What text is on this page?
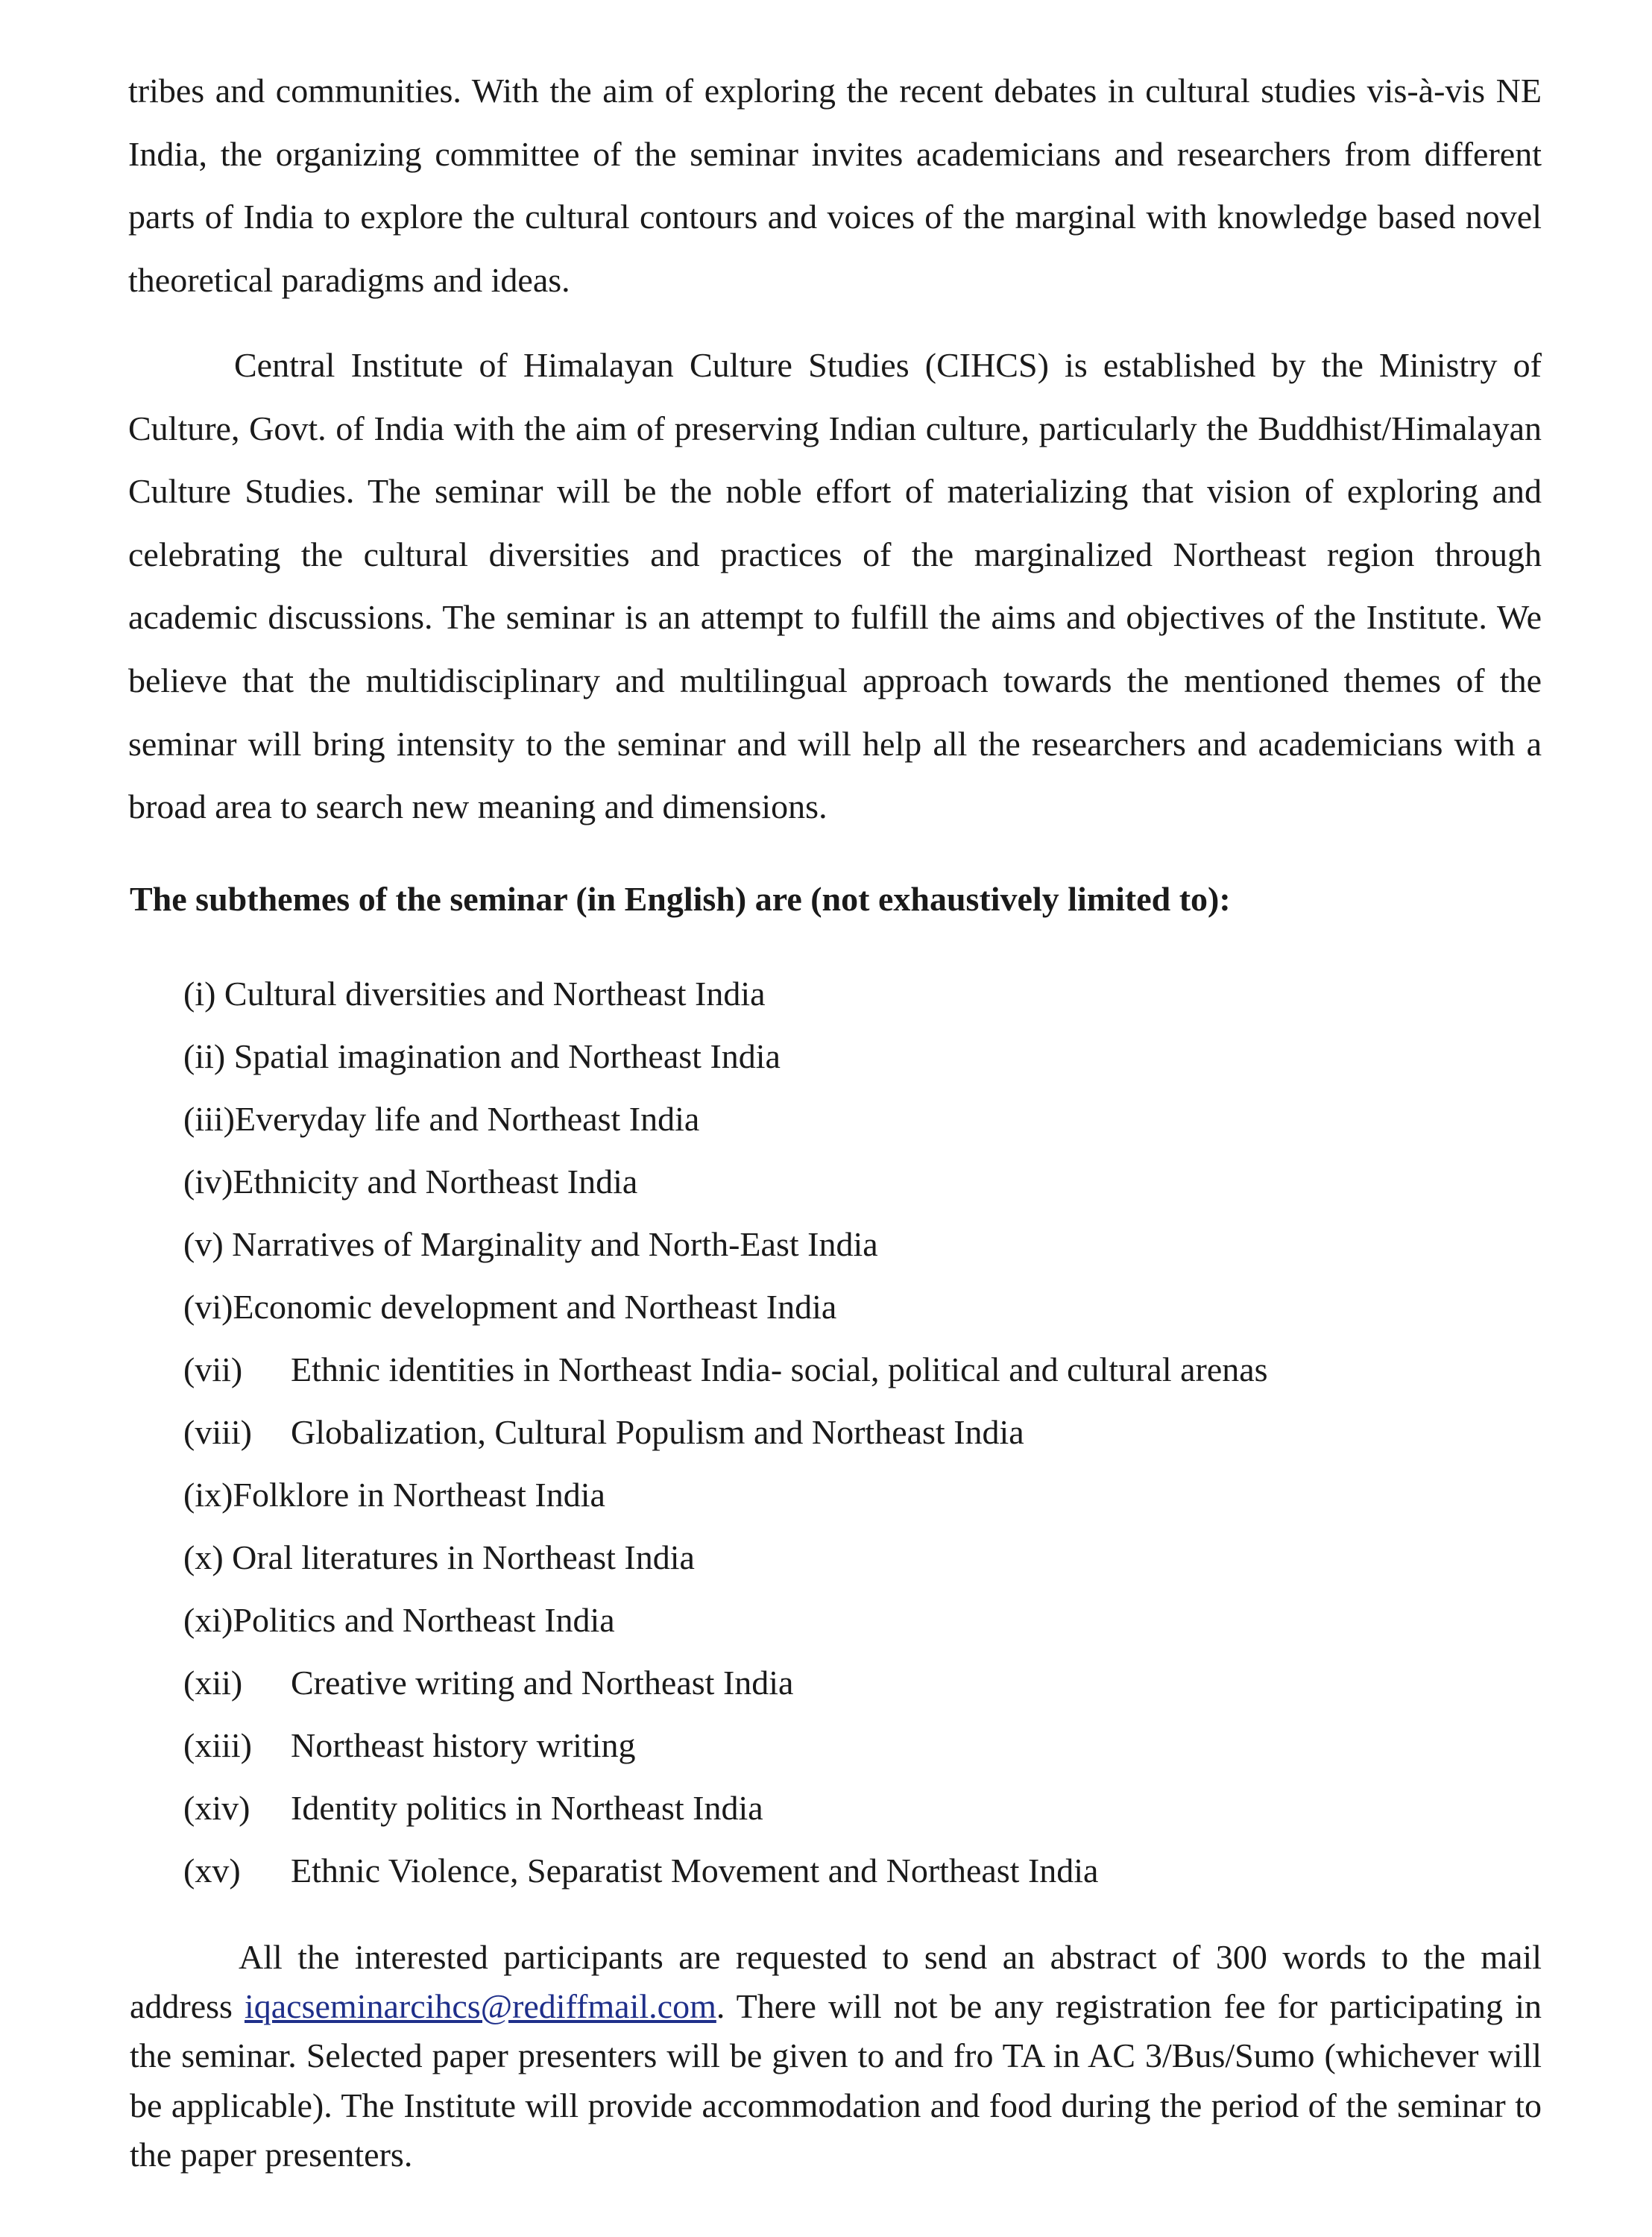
tribes and communities. With the aim of exploring the recent debates in cultural studies vis-à-vis NE India, the organizing committee of the seminar invites academicians and researchers from different parts of India to explore the cultural contours and voices of the marginal with knowledge based novel theoretical paradigms and ideas.

Central Institute of Himalayan Culture Studies (CIHCS) is established by the Ministry of Culture, Govt. of India with the aim of preserving Indian culture, particularly the Buddhist/Himalayan Culture Studies. The seminar will be the noble effort of materializing that vision of exploring and celebrating the cultural diversities and practices of the marginalized Northeast region through academic discussions. The seminar is an attempt to fulfill the aims and objectives of the Institute. We believe that the multidisciplinary and multilingual approach towards the mentioned themes of the seminar will bring intensity to the seminar and will help all the researchers and academicians with a broad area to search new meaning and dimensions.

The subthemes of the seminar (in English) are (not exhaustively limited to):

(i) Cultural diversities and Northeast India
(ii) Spatial imagination and Northeast India
(iii)Everyday life and Northeast India
(iv)Ethnicity and Northeast India
(v) Narratives of Marginality and North-East India
(vi)Economic development and Northeast India
(vii) Ethnic identities in Northeast India- social, political and cultural arenas
(viii) Globalization, Cultural Populism and Northeast India
(ix)Folklore in Northeast India
(x) Oral literatures in Northeast India
(xi)Politics and Northeast India
(xii) Creative writing and Northeast India
(xiii) Northeast history writing
(xiv) Identity politics in Northeast India
(xv) Ethnic Violence, Separatist Movement and Northeast India

All the interested participants are requested to send an abstract of 300 words to the mail address iqacseminarcihcs@rediffmail.com. There will not be any registration fee for participating in the seminar. Selected paper presenters will be given to and fro TA in AC 3/Bus/Sumo (whichever will be applicable). The Institute will provide accommodation and food during the period of the seminar to the paper presenters.
